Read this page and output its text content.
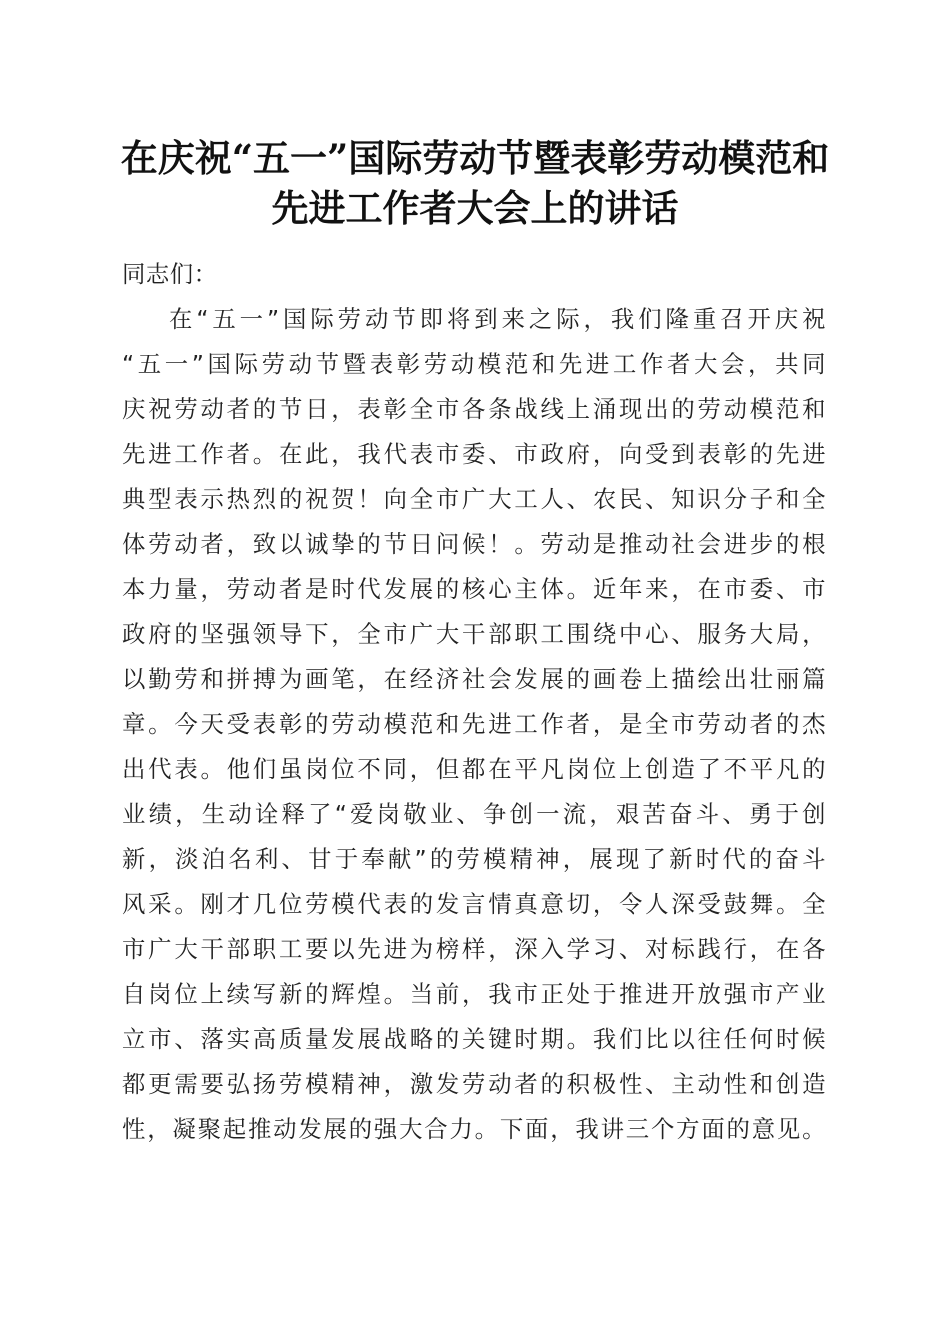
在庆祝“五一”国际劳动节暨表彰劳动模范和
先进工作者大会上的讲话

同志们：

在“五一”国际劳动节即将到来之际，我们隆重召开庆祝
“五一”国际劳动节暨表彰劳动模范和先进工作者大会，共同
庆祝劳动者的节日，表彰全市各条战线上涌现出的劳动模范和
先进工作者。在此，我代表市委、市政府，向受到表彰的先进
典型表示热烈的祝贺！向全市广大工人、农民、知识分子和全
体劳动者，致以诚挚的节日问候！。劳动是推动社会进步的根
本力量，劳动者是时代发展的核心主体。近年来，在市委、市
政府的坚强领导下，全市广大干部职工围绕中心、服务大局，
以勤劳和拼搏为画笔，在经济社会发展的画卷上描绘出壮丽篇
章。今天受表彰的劳动模范和先进工作者，是全市劳动者的杰
出代表。他们虽岗位不同，但都在平凡岗位上创造了不平凡的
业绩，生动诠释了“爱岗敬业、争创一流，艰苦奋斗、勇于创
新，淡泊名利、甘于奉献”的劳模精神，展现了新时代的奋斗
风采。刚才几位劳模代表的发言情真意切，令人深受鼓舞。全
市广大干部职工要以先进为榜样，深入学习、对标践行，在各
自岗位上续写新的辉煌。当前，我市正处于推进开放强市产业
立市、落实高质量发展战略的关键时期。我们比以往任何时候
都更需要弘扬劳模精神，激发劳动者的积极性、主动性和创造
性，凝聚起推动发展的强大合力。下面，我讲三个方面的意见。
